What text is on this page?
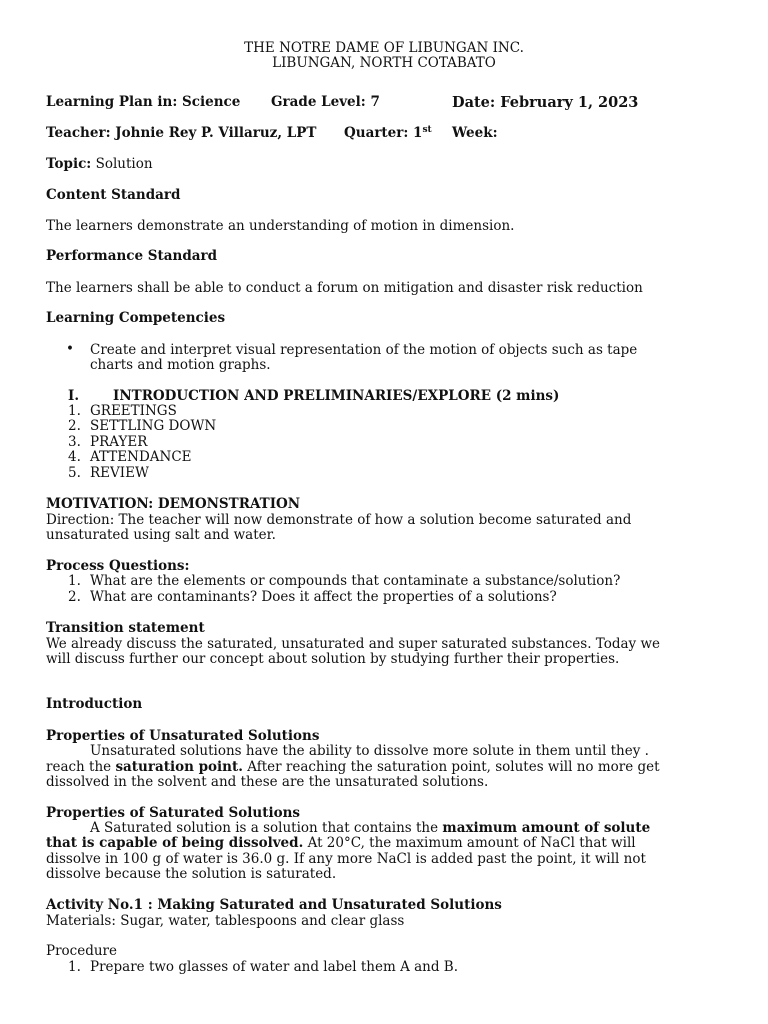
THE NOTRE DAME OF LIBUNGAN INC.
LIBUNGAN, NORTH COTABATO
Learning Plan in: Science Grade Level: 7	Date: February 1, 2023
Teacher: Johnie Rey P. Villaruz, LPT Quarter: 1st Week:
Topic: Solution
Content Standard
The learners demonstrate an understanding of motion in dimension.
Performance Standard
The learners shall be able to conduct a forum on mitigation and disaster risk reduction
Learning Competencies
• Create and interpret visual representation of the motion of objects such as tape
charts and motion graphs.
I.	INTRODUCTION AND PRELIMINARIES/EXPLORE (2 mins)
1. GREETINGS
2. SETTLING DOWN
3. PRAYER
4. ATTENDANCE
5. REVIEW
MOTIVATION: DEMONSTRATION
Direction: The teacher will now demonstrate of how a solution become saturated and
unsaturated using salt and water.
Process Questions:
1. What are the elements or compounds that contaminate a substance/solution?
2. What are contaminants? Does it affect the properties of a solutions?
Transition statement
We already discuss the saturated, unsaturated and super saturated substances. Today we
will discuss further our concept about solution by studying further their properties.
Introduction
Properties of Unsaturated Solutions
Unsaturated solutions have the ability to dissolve more solute in them until they .
reach the saturation point. After reaching the saturation point, solutes will no more get
dissolved in the solvent and these are the unsaturated solutions.
Properties of Saturated Solutions
A Saturated solution is a solution that contains the maximum amount of solute
that is capable of being dissolved. At 20°C, the maximum amount of NaCl that will
dissolve in 100 g of water is 36.0 g. If any more NaCl is added past the point, it will not
dissolve because the solution is saturated.
Activity No.1 : Making Saturated and Unsaturated Solutions
Materials: Sugar, water, tablespoons and clear glass
Procedure
1. Prepare two glasses of water and label them A and B.
